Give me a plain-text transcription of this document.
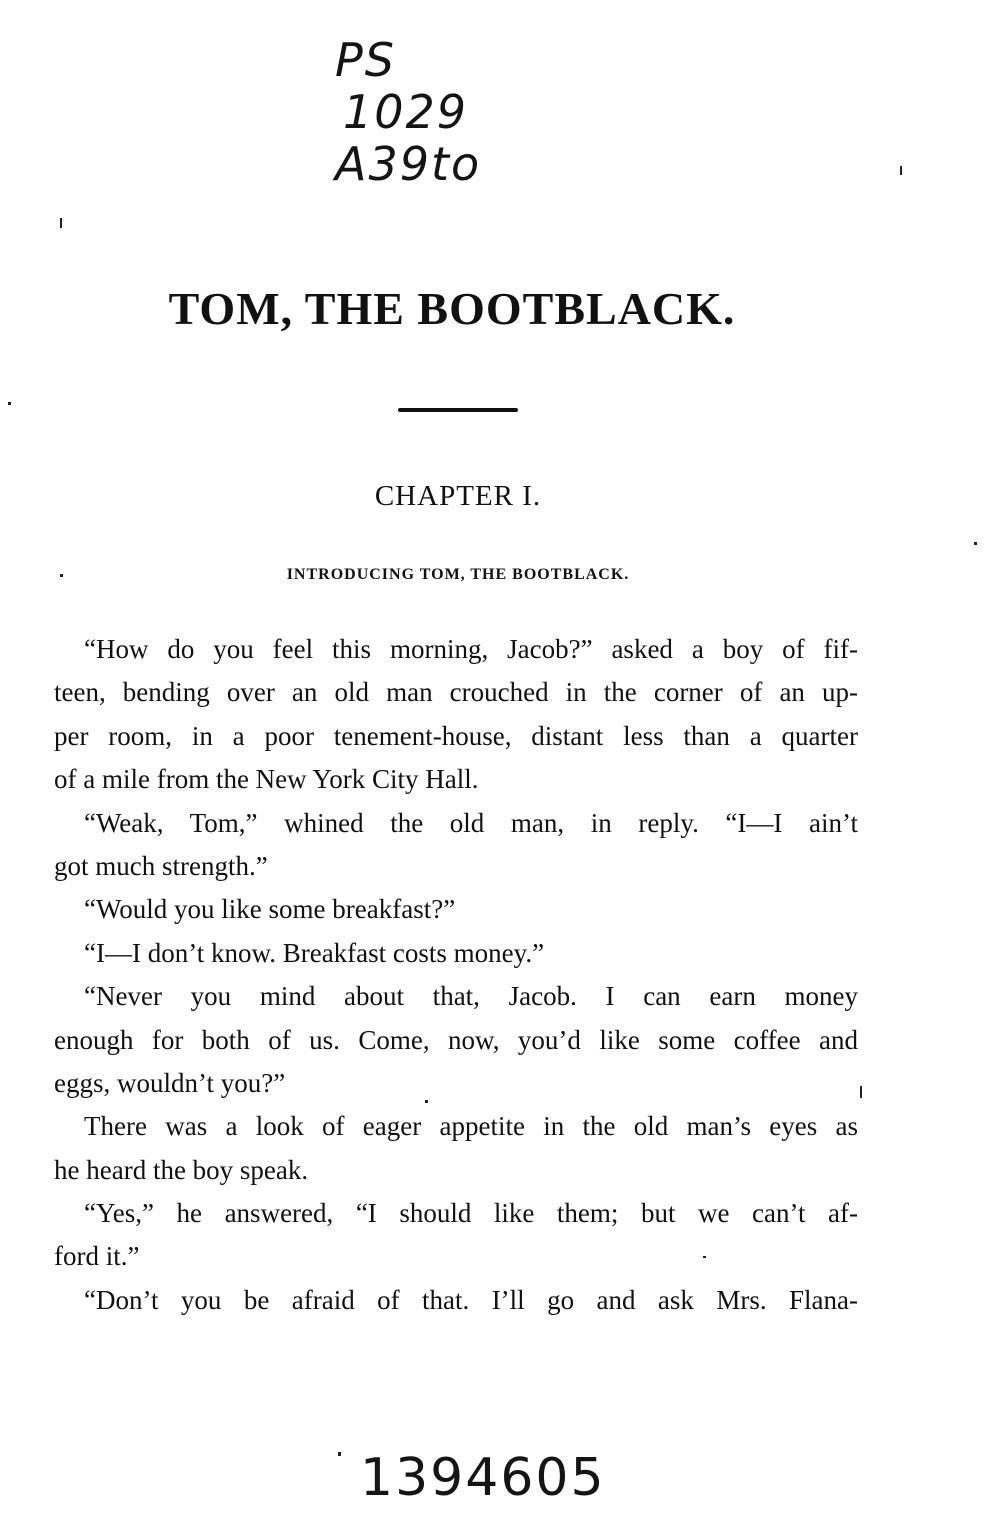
PS
1029
A39to
TOM, THE BOOTBLACK.
CHAPTER I.
INTRODUCING TOM, THE BOOTBLACK.
“How do you feel this morning, Jacob?” asked a boy of fif-
teen, bending over an old man crouched in the corner of an up-
per room, in a poor tenement-house, distant less than a quarter
of a mile from the New York City Hall.
“Weak, Tom,” whined the old man, in reply. “I—I ain’t
got much strength.”
“Would you like some breakfast?”
“I—I don’t know. Breakfast costs money.”
“Never you mind about that, Jacob. I can earn money
enough for both of us. Come, now, you’d like some coffee and
eggs, wouldn’t you?”
There was a look of eager appetite in the old man’s eyes as
he heard the boy speak.
“Yes,” he answered, “I should like them; but we can’t af-
ford it.”
“Don’t you be afraid of that. I’ll go and ask Mrs. Flana-
1394605
